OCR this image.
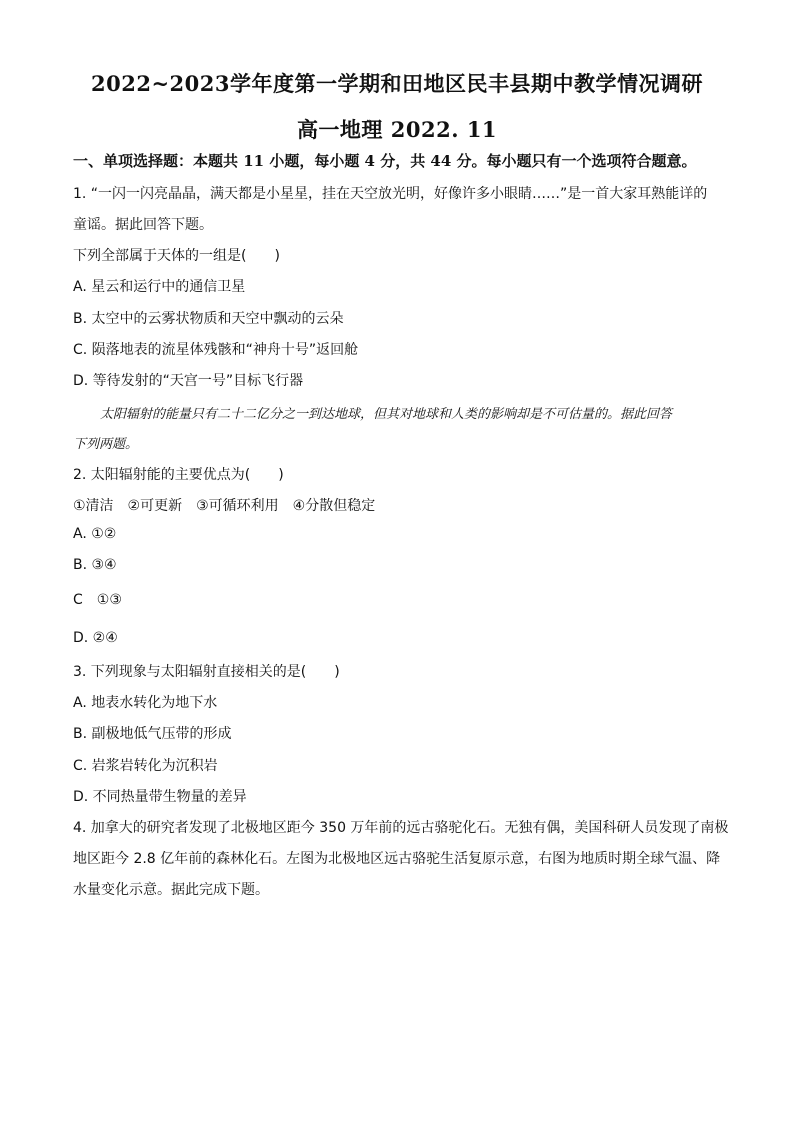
2022~2023学年度第一学期和田地区民丰县期中教学情况调研
高一地理 2022. 11
一、单项选择题：本题共 11 小题，每小题 4 分，共 44 分。每小题只有一个选项符合题意。
1. “一闪一闪亮晶晶，满天都是小星星，挂在天空放光明，好像许多小眼睛……”是一首大家耳熟能详的
童谣。据此回答下题。
下列全部属于天体的一组是(　　)
A. 星云和运行中的通信卫星
B. 太空中的云雾状物质和天空中飘动的云朵
C. 陨落地表的流星体残骸和“神舟十号”返回舱
D. 等待发射的“天宫一号”目标飞行器
太阳辐射的能量只有二十二亿分之一到达地球，但其对地球和人类的影响却是不可估量的。据此回答
下列两题。
2. 太阳辐射能的主要优点为(　　)
①清洁　②可更新　③可循环利用　④分散但稳定
A. ①②
B. ③④
C　①③
D. ②④
3. 下列现象与太阳辐射直接相关的是(　　)
A. 地表水转化为地下水
B. 副极地低气压带的形成
C. 岩浆岩转化为沉积岩
D. 不同热量带生物量的差异
4. 加拿大的研究者发现了北极地区距今 350 万年前的远古骆驼化石。无独有偶，美国科研人员发现了南极
地区距今 2.8 亿年前的森林化石。左图为北极地区远古骆驼生活复原示意，右图为地质时期全球气温、降
水量变化示意。据此完成下题。
